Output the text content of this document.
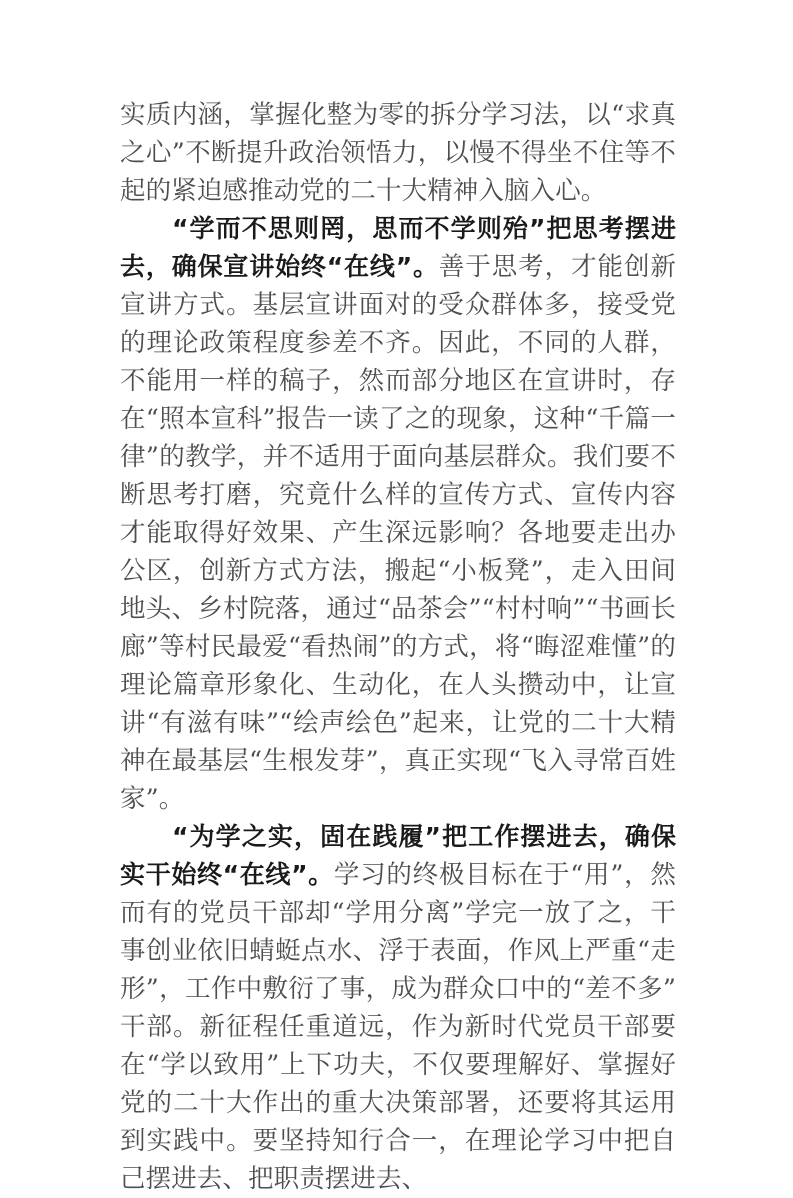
实质内涵，掌握化整为零的拆分学习法，以“求真之心”不断提升政治领悟力，以慢不得坐不住等不起的紧迫感推动党的二十大精神入脑入心。

“学而不思则罔，思而不学则殆”把思考摆进去，确保宣讲始终“在线”。善于思考，才能创新宣讲方式。基层宣讲面对的受众群体多，接受党的理论政策程度参差不齐。因此，不同的人群，不能用一样的稿子，然而部分地区在宣讲时，存在“照本宣科”报告一读了之的现象，这种“千篇一律”的教学，并不适用于面向基层群众。我们要不断思考打磨，究竟什么样的宣传方式、宣传内容才能取得好效果、产生深远影响？各地要走出办公区，创新方式方法，搬起“小板凳”，走入田间地头、乡村院落，通过“品茶会”“村村响”“书画长廊”等村民最爱“看热闹”的方式，将“晦涩难懂”的理论篇章形象化、生动化，在人头攒动中，让宣讲“有滋有味”“绘声绘色”起来，让党的二十大精神在最基层“生根发芽”，真正实现“飞入寻常百姓家”。

“为学之实，固在践履”把工作摆进去，确保实干始终“在线”。学习的终极目标在于“用”，然而有的党员干部却“学用分离”学完一放了之，干事创业依旧蜻蜓点水、浮于表面，作风上严重“走形”，工作中敷衍了事，成为群众口中的“差不多”干部。新征程任重道远，作为新时代党员干部要在“学以致用”上下功夫，不仅要理解好、掌握好党的二十大作出的重大决策部署，还要将其运用到实践中。要坚持知行合一，在理论学习中把自己摆进去、把职责摆进去、
